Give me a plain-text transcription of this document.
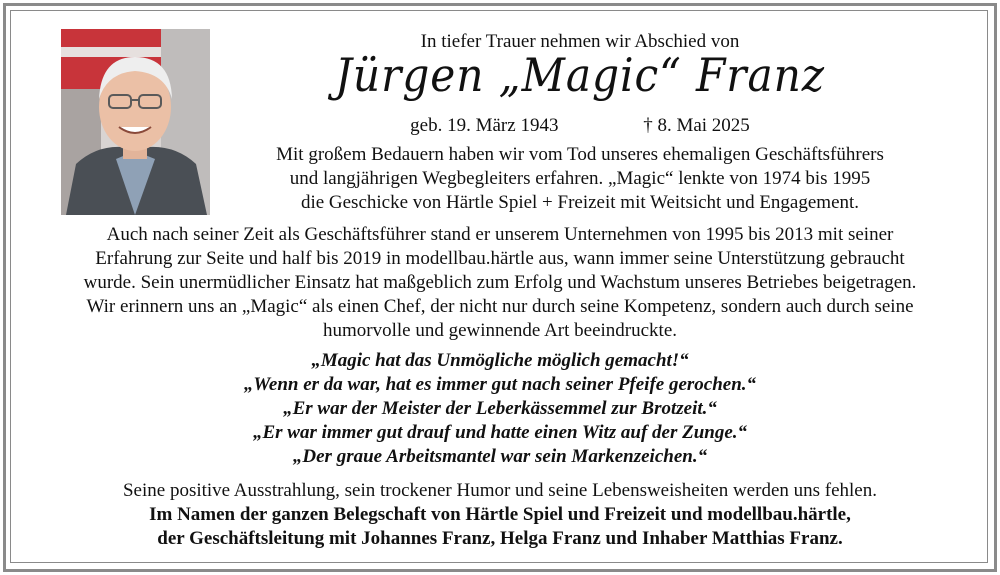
In tiefer Trauer nehmen wir Abschied von

Jürgen „Magic“ Franz

geb. 19. März 1943	† 8. Mai 2025

Mit großem Bedauern haben wir vom Tod unseres ehemaligen Geschäftsführers

und langjährigen Wegbegleiters erfahren. „Magic“ lenkte von 1974 bis 1995

die Geschicke von Härtle Spiel + Freizeit mit Weitsicht und Engagement.

Auch nach seiner Zeit als Geschäftsführer stand er unserem Unternehmen von 1995 bis 2013 mit seiner

Erfahrung zur Seite und half bis 2019 in modellbau.härtle aus, wann immer seine Unterstützung gebraucht

wurde. Sein unermüdlicher Einsatz hat maßgeblich zum Erfolg und Wachstum unseres Betriebes beigetragen.

Wir erinnern uns an „Magic“ als einen Chef, der nicht nur durch seine Kompetenz, sondern auch durch seine

humorvolle und gewinnende Art beeindruckte.

„Magic hat das Unmögliche möglich gemacht!“

„Wenn er da war, hat es immer gut nach seiner Pfeife gerochen.“

„Er war der Meister der Leberkässemmel zur Brotzeit.“

„Er war immer gut drauf und hatte einen Witz auf der Zunge.“

„Der graue Arbeitsmantel war sein Markenzeichen.“

Seine positive Ausstrahlung, sein trockener Humor und seine Lebensweisheiten werden uns fehlen.

Im Namen der ganzen Belegschaft von Härtle Spiel und Freizeit und modellbau.härtle,

der Geschäftsleitung mit Johannes Franz, Helga Franz und Inhaber Matthias Franz.
